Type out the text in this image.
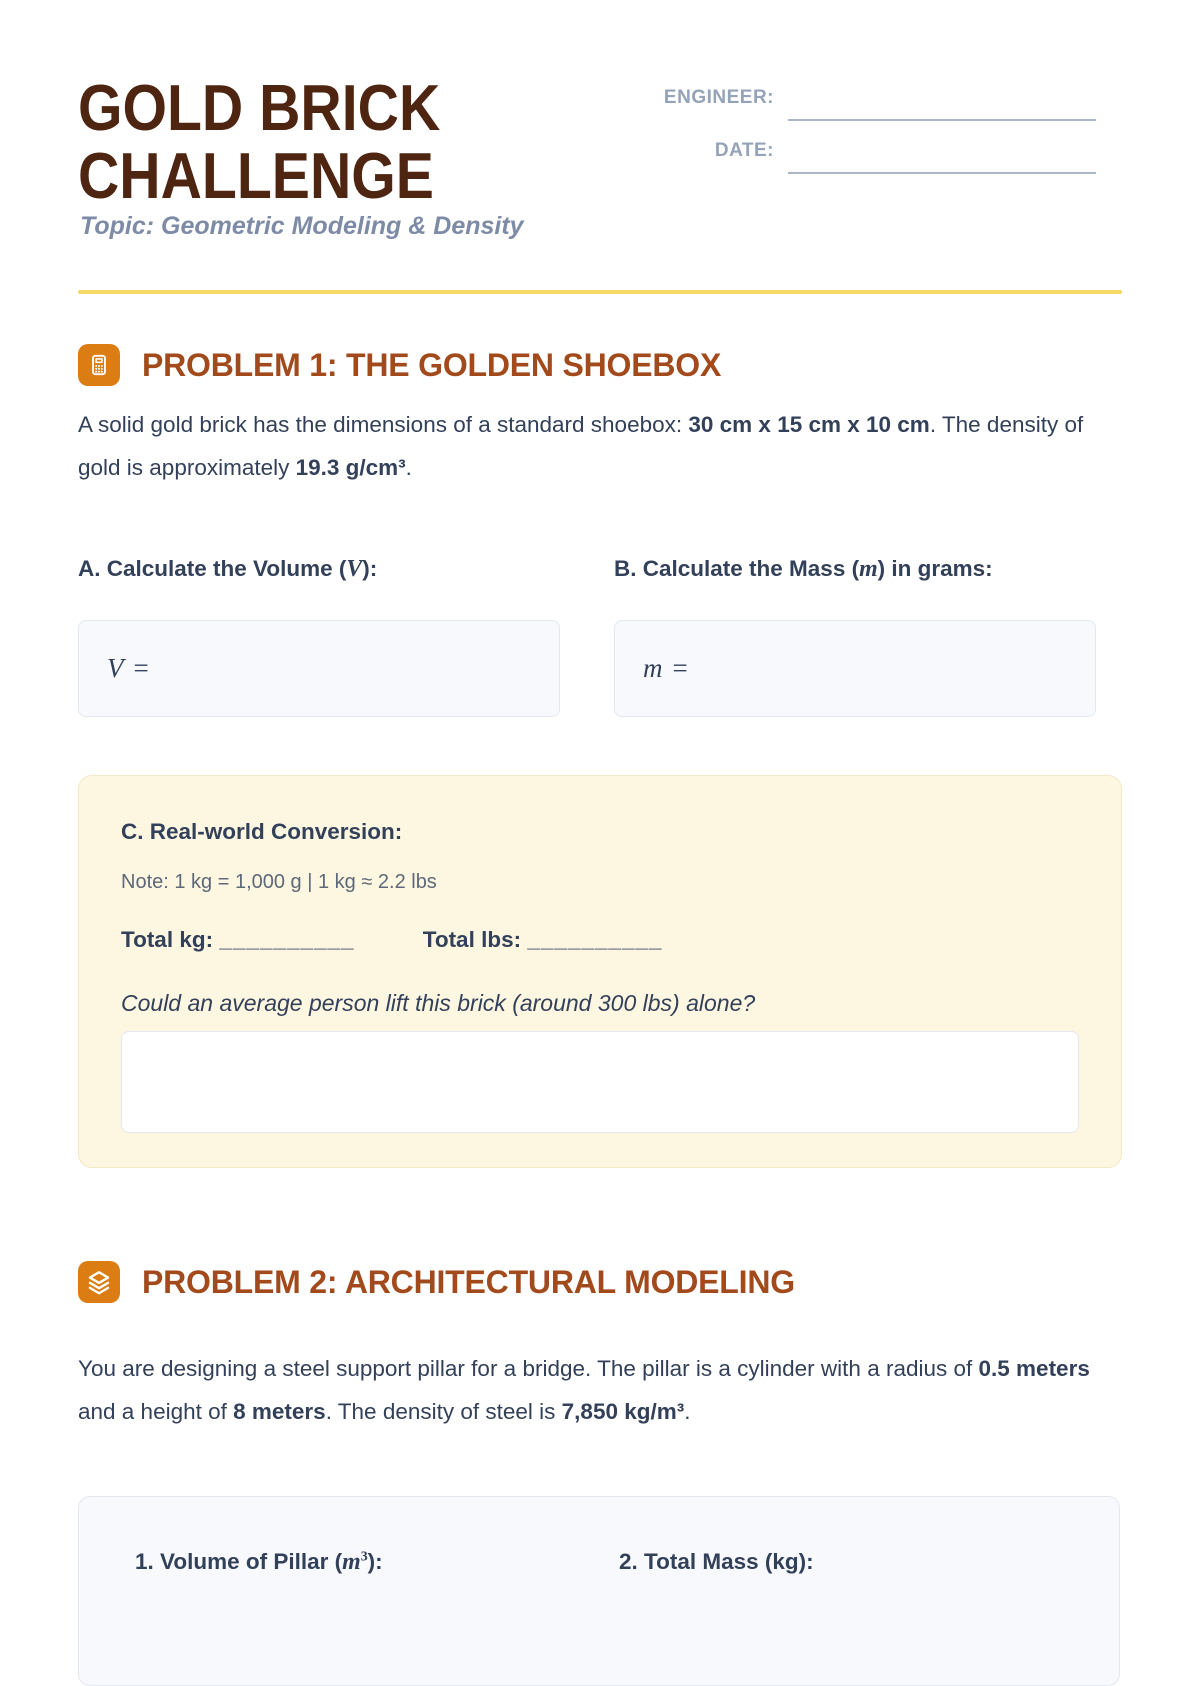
GOLD BRICK
CHALLENGE
Topic: Geometric Modeling & Density
ENGINEER:
DATE:
PROBLEM 1: THE GOLDEN SHOEBOX

A solid gold brick has the dimensions of a standard shoebox: 30 cm x 15 cm x 10 cm. The density of gold is approximately 19.3 g/cm³.

A. Calculate the Volume (V):	B. Calculate the Mass (m) in grams:
V =	m =
C. Real-world Conversion:
Note: 1 kg = 1,000 g | 1 kg ≈ 2.2 lbs
Total kg: __________	Total lbs: __________
Could an average person lift this brick (around 300 lbs) alone?
PROBLEM 2: ARCHITECTURAL MODELING

You are designing a steel support pillar for a bridge. The pillar is a cylinder with a radius of 0.5 meters and a height of 8 meters. The density of steel is 7,850 kg/m³.

1. Volume of Pillar $(m^3)$:	2. Total Mass (kg):
